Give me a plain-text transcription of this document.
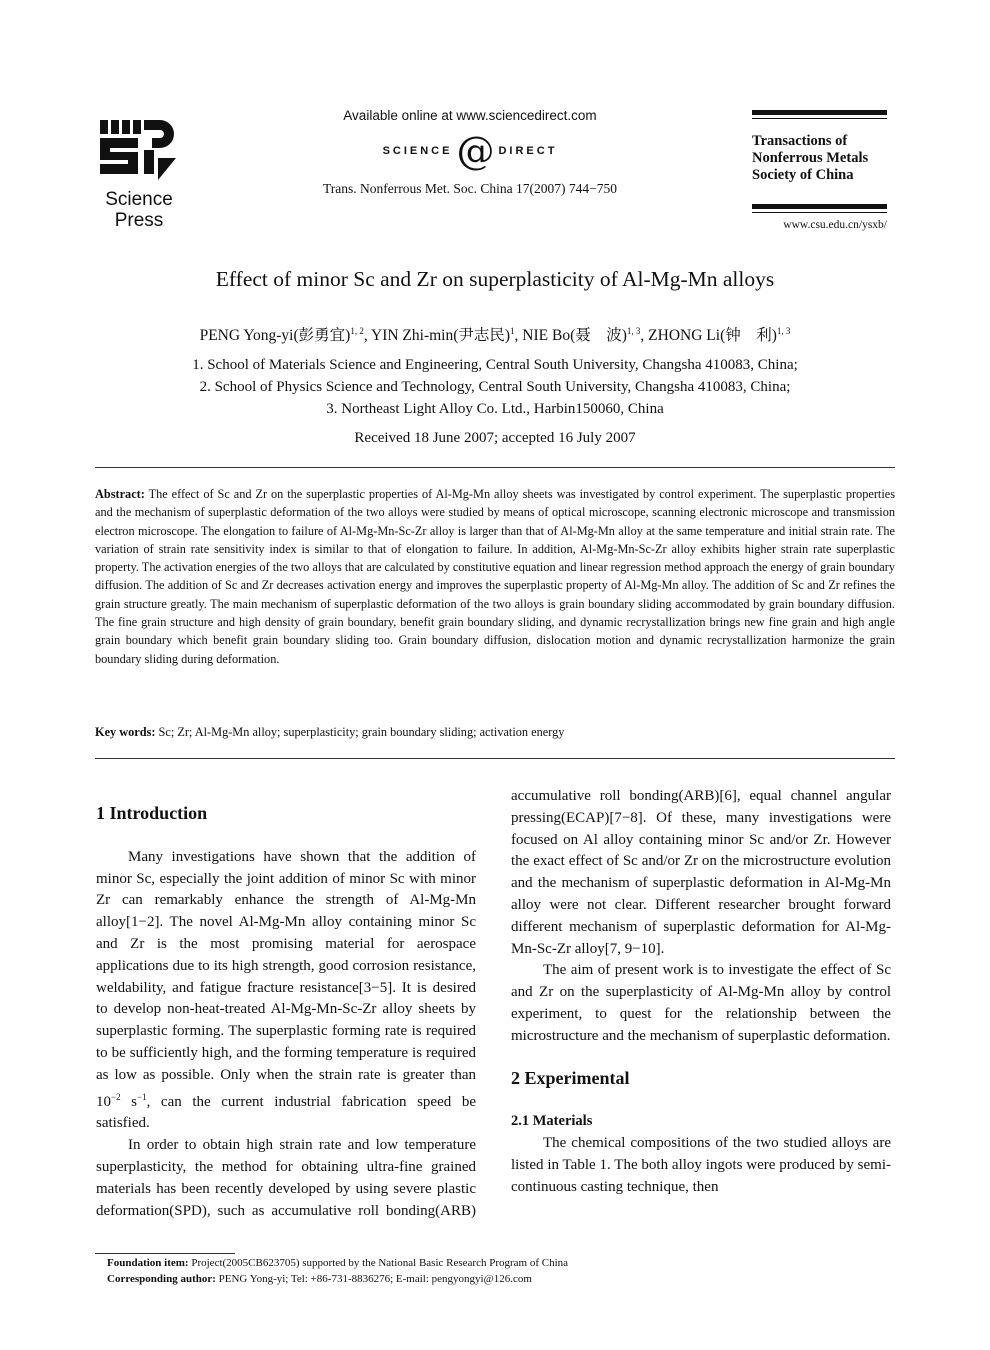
Science
Press
Available online at www.sciencedirect.com
SCIENCE @ DIRECT
Trans. Nonferrous Met. Soc. China 17(2007) 744−750
Transactions of
Nonferrous Metals
Society of China
www.csu.edu.cn/ysxb/
Effect of minor Sc and Zr on superplasticity of Al-Mg-Mn alloys
PENG Yong-yi(彭勇宜)$^{1, 2}$, YIN Zhi-min(尹志民)$^1$, NIE Bo(聂　波)$^{1, 3}$, ZHONG Li(钟　利)$^{1, 3}$
1. School of Materials Science and Engineering, Central South University, Changsha 410083, China;
2. School of Physics Science and Technology, Central South University, Changsha 410083, China;
3. Northeast Light Alloy Co. Ltd., Harbin150060, China
Received 18 June 2007; accepted 16 July 2007
Abstract: The effect of Sc and Zr on the superplastic properties of Al-Mg-Mn alloy sheets was investigated by control experiment. The superplastic properties and the mechanism of superplastic deformation of the two alloys were studied by means of optical microscope, scanning electronic microscope and transmission electron microscope. The elongation to failure of Al-Mg-Mn-Sc-Zr alloy is larger than that of Al-Mg-Mn alloy at the same temperature and initial strain rate. The variation of strain rate sensitivity index is similar to that of elongation to failure. In addition, Al-Mg-Mn-Sc-Zr alloy exhibits higher strain rate superplastic property. The activation energies of the two alloys that are calculated by constitutive equation and linear regression method approach the energy of grain boundary diffusion. The addition of Sc and Zr decreases activation energy and improves the superplastic property of Al-Mg-Mn alloy. The addition of Sc and Zr refines the grain structure greatly. The main mechanism of superplastic deformation of the two alloys is grain boundary sliding accommodated by grain boundary diffusion. The fine grain structure and high density of grain boundary, benefit grain boundary sliding, and dynamic recrystallization brings new fine grain and high angle grain boundary which benefit grain boundary sliding too. Grain boundary diffusion, dislocation motion and dynamic recrystallization harmonize the grain boundary sliding during deformation.
Key words: Sc; Zr; Al-Mg-Mn alloy; superplasticity; grain boundary sliding; activation energy
1 Introduction

Many investigations have shown that the addition of minor Sc, especially the joint addition of minor Sc with minor Zr can remarkably enhance the strength of Al-Mg-Mn alloy[1−2]. The novel Al-Mg-Mn alloy containing minor Sc and Zr is the most promising material for aerospace applications due to its high strength, good corrosion resistance, weldability, and fatigue fracture resistance[3−5]. It is desired to develop non-heat-treated Al-Mg-Mn-Sc-Zr alloy sheets by superplastic forming. The superplastic forming rate is required to be sufficiently high, and the forming temperature is required as low as possible. Only when the strain rate is greater than $10^{-2}$ $s^{-1}$, can the current industrial fabrication speed be satisfied.

In order to obtain high strain rate and low temperature superplasticity, the method for obtaining ultra-fine grained materials has been recently developed by using severe plastic deformation(SPD), such as accumulative roll bonding(ARB)

accumulative roll bonding(ARB)[6], equal channel angular pressing(ECAP)[7−8]. Of these, many investigations were focused on Al alloy containing minor Sc and/or Zr. However the exact effect of Sc and/or Zr on the microstructure evolution and the mechanism of superplastic deformation in Al-Mg-Mn alloy were not clear. Different researcher brought forward different mechanism of superplastic deformation for Al-Mg-Mn-Sc-Zr alloy[7, 9−10].

The aim of present work is to investigate the effect of Sc and Zr on the superplasticity of Al-Mg-Mn alloy by control experiment, to quest for the relationship between the microstructure and the mechanism of superplastic deformation.

2 Experimental
2.1 Materials

The chemical compositions of the two studied alloys are listed in Table 1. The both alloy ingots were produced by semi-continuous casting technique, then

Foundation item: Project(2005CB623705) supported by the National Basic Research Program of China
Corresponding author: PENG Yong-yi; Tel: +86-731-8836276; E-mail: pengyongyi@126.com
